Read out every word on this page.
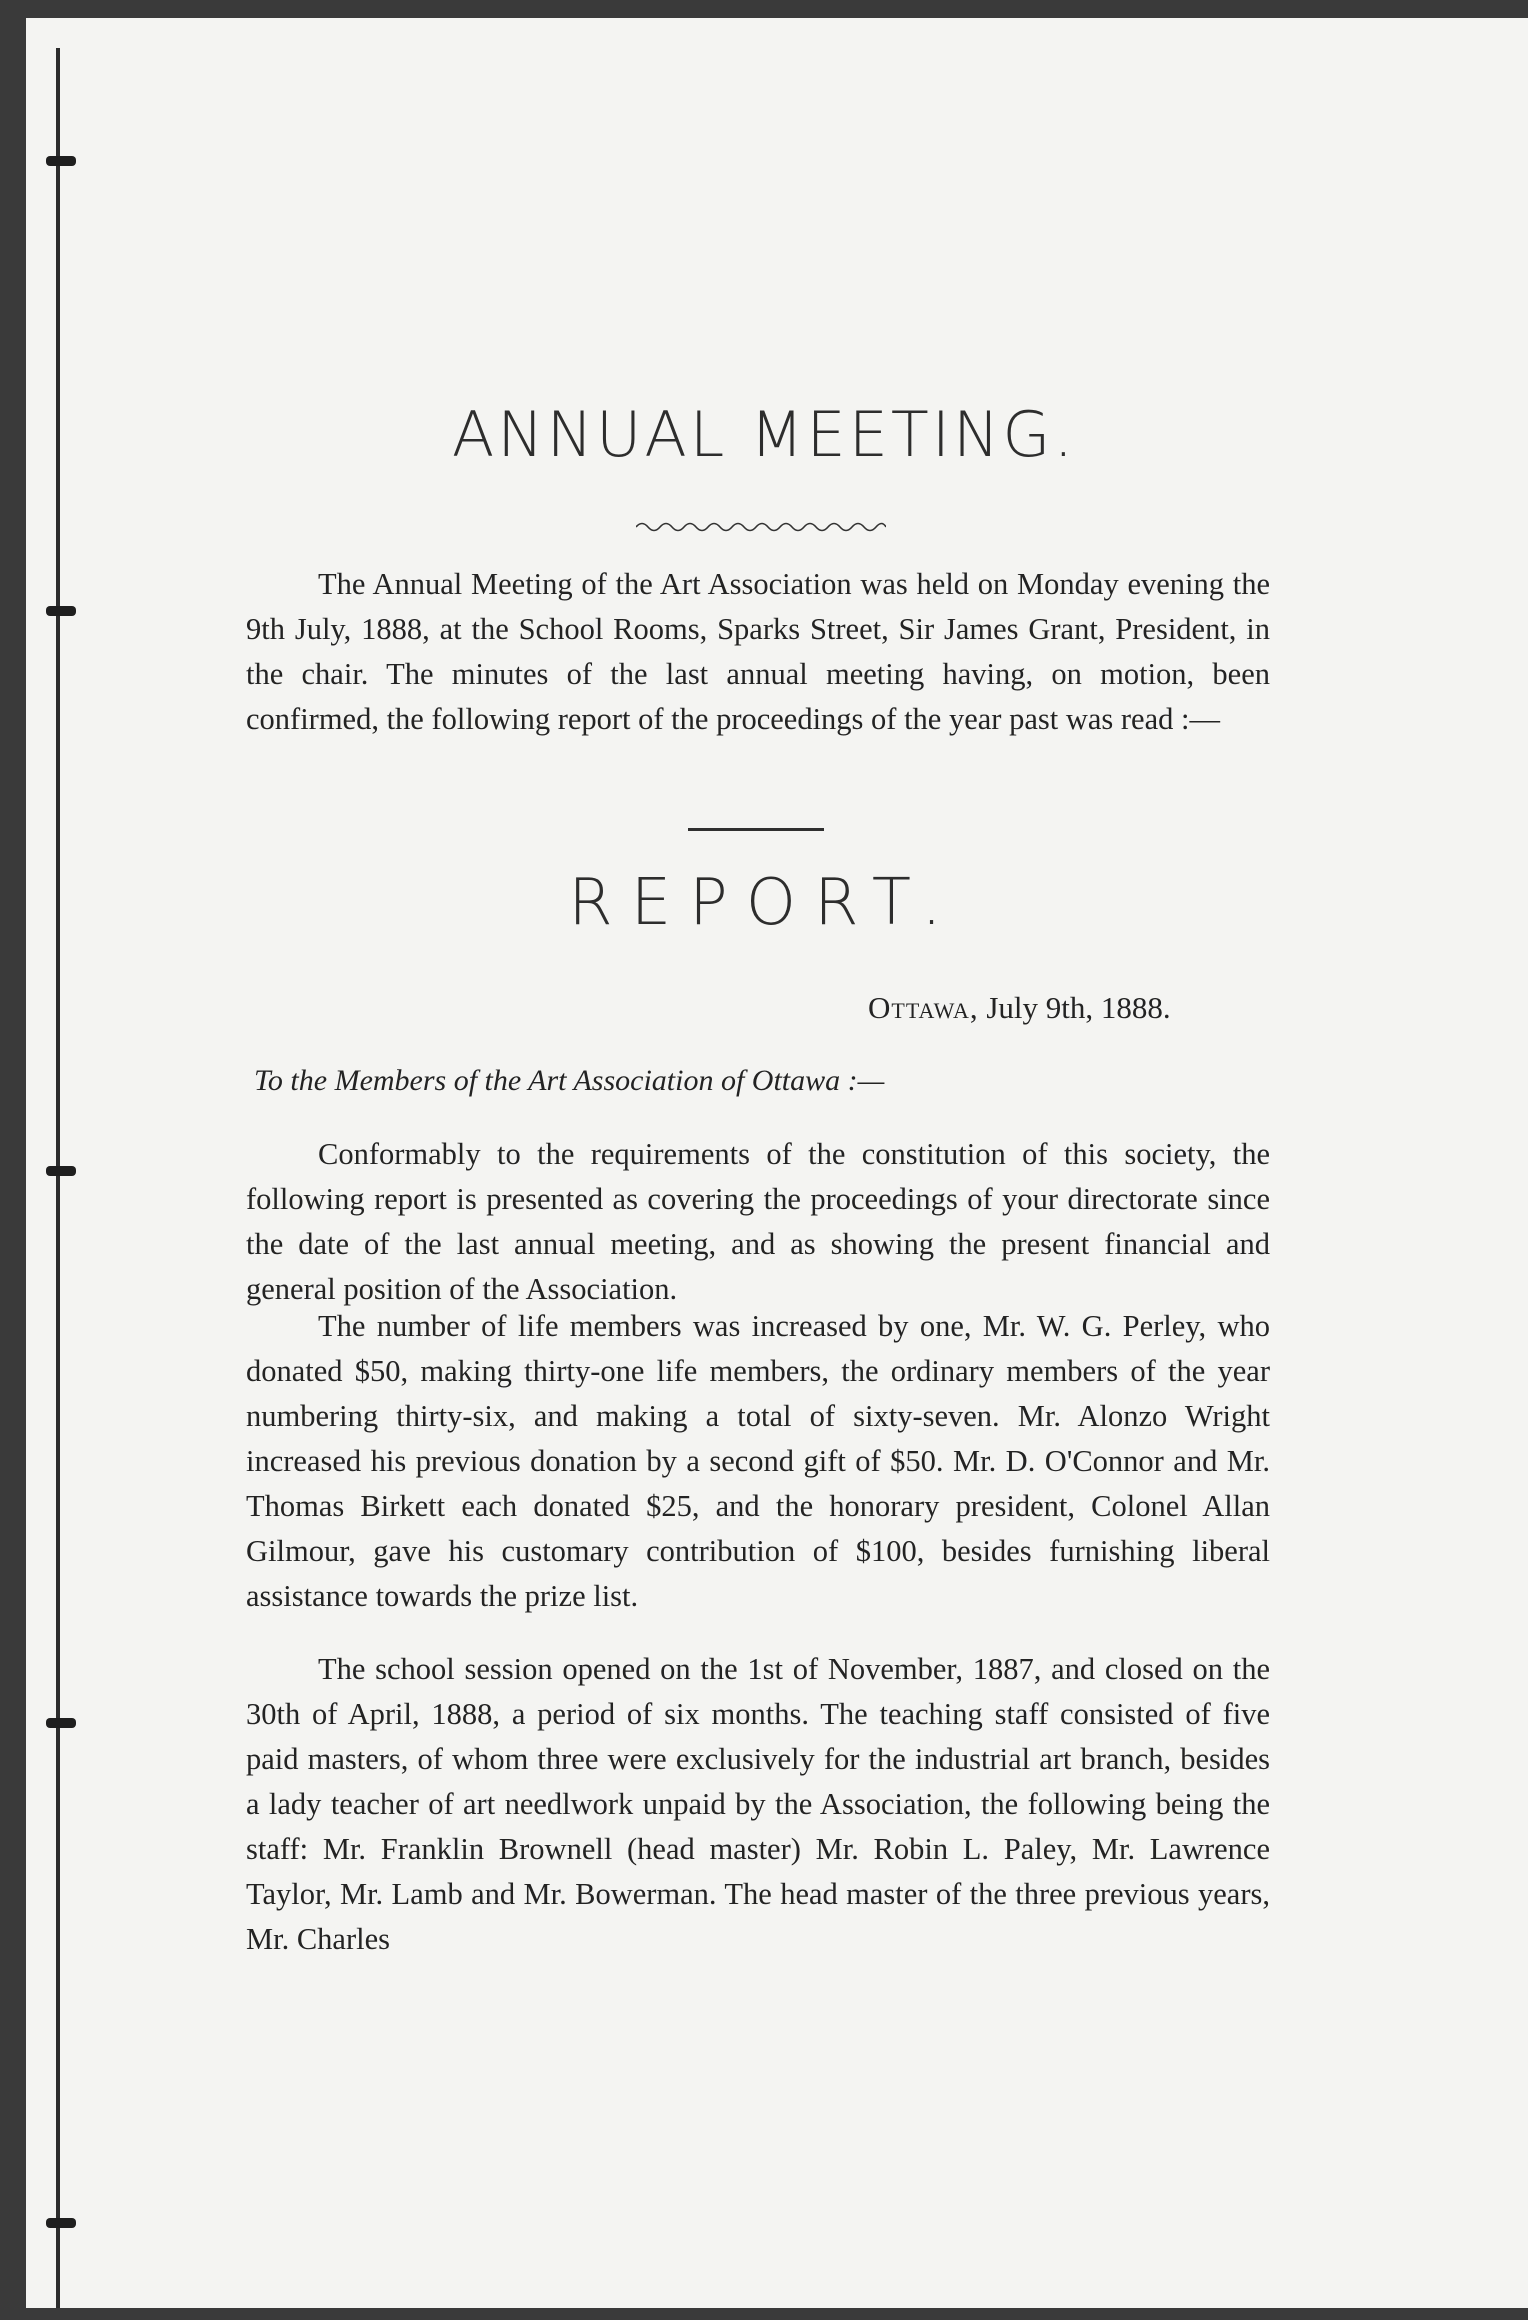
ANNUAL MEETING.

The Annual Meeting of the Art Association was held on Monday evening the 9th July, 1888, at the School Rooms, Sparks Street, Sir James Grant, President, in the chair. The minutes of the last annual meeting having, on motion, been confirmed, the following report of the proceedings of the year past was read :—

REPORT.
Ottawa, July 9th, 1888.
To the Members of the Art Association of Ottawa :—

Conformably to the requirements of the constitution of this society, the following report is presented as covering the proceedings of your directorate since the date of the last annual meeting, and as showing the present financial and general position of the Association.

The number of life members was increased by one, Mr. W. G. Perley, who donated $50, making thirty-one life members, the ordinary members of the year numbering thirty-six, and making a total of sixty-seven. Mr. Alonzo Wright increased his previous donation by a second gift of $50. Mr. D. O'Connor and Mr. Thomas Birkett each donated $25, and the honorary president, Colonel Allan Gilmour, gave his customary contribution of $100, besides furnishing liberal assistance towards the prize list.

The school session opened on the 1st of November, 1887, and closed on the 30th of April, 1888, a period of six months. The teaching staff consisted of five paid masters, of whom three were exclusively for the industrial art branch, besides a lady teacher of art needlwork unpaid by the Association, the following being the staff: Mr. Franklin Brownell (head master) Mr. Robin L. Paley, Mr. Lawrence Taylor, Mr. Lamb and Mr. Bowerman. The head master of the three previous years, Mr. Charles
